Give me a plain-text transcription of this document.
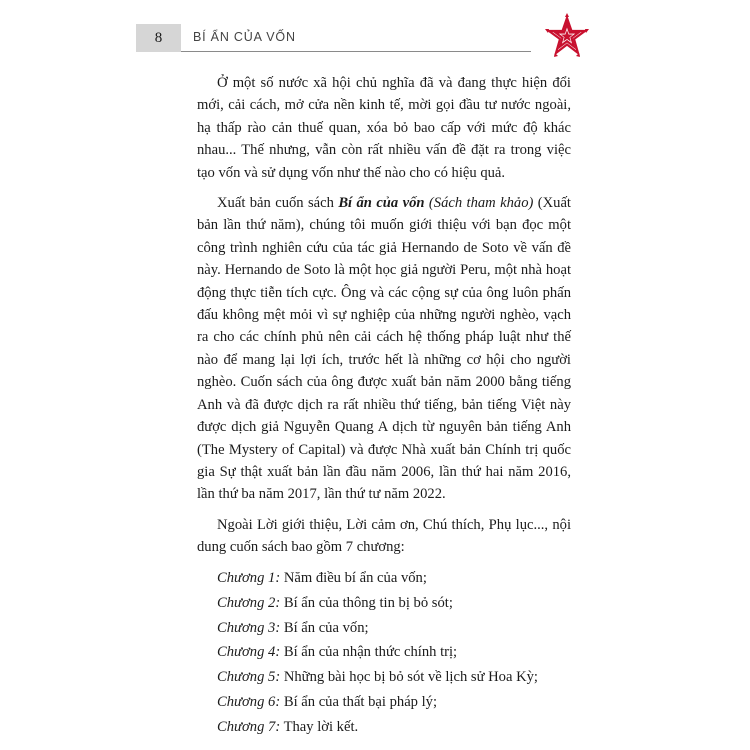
8	BÍ ẨN CỦA VỐN

Ở một số nước xã hội chủ nghĩa đã và đang thực hiện đổi mới, cải cách, mở cửa nền kinh tế, mời gọi đầu tư nước ngoài, hạ thấp rào cản thuế quan, xóa bỏ bao cấp với mức độ khác nhau... Thế nhưng, vẫn còn rất nhiều vấn đề đặt ra trong việc tạo vốn và sử dụng vốn như thế nào cho có hiệu quả.

Xuất bản cuốn sách Bí ẩn của vốn (Sách tham khảo) (Xuất bản lần thứ năm), chúng tôi muốn giới thiệu với bạn đọc một công trình nghiên cứu của tác giả Hernando de Soto về vấn đề này. Hernando de Soto là một học giả người Peru, một nhà hoạt động thực tiễn tích cực. Ông và các cộng sự của ông luôn phấn đấu không mệt mỏi vì sự nghiệp của những người nghèo, vạch ra cho các chính phủ nên cải cách hệ thống pháp luật như thế nào để mang lại lợi ích, trước hết là những cơ hội cho người nghèo. Cuốn sách của ông được xuất bản năm 2000 bằng tiếng Anh và đã được dịch ra rất nhiều thứ tiếng, bản tiếng Việt này được dịch giả Nguyễn Quang A dịch từ nguyên bản tiếng Anh (The Mystery of Capital) và được Nhà xuất bản Chính trị quốc gia Sự thật xuất bản lần đầu năm 2006, lần thứ hai năm 2016, lần thứ ba năm 2017, lần thứ tư năm 2022.

Ngoài Lời giới thiệu, Lời cảm ơn, Chú thích, Phụ lục..., nội dung cuốn sách bao gồm 7 chương:

Chương 1: Năm điều bí ẩn của vốn;
Chương 2: Bí ẩn của thông tin bị bỏ sót;
Chương 3: Bí ẩn của vốn;
Chương 4: Bí ẩn của nhận thức chính trị;
Chương 5: Những bài học bị bỏ sót về lịch sử Hoa Kỳ;
Chương 6: Bí ẩn của thất bại pháp lý;
Chương 7: Thay lời kết.
